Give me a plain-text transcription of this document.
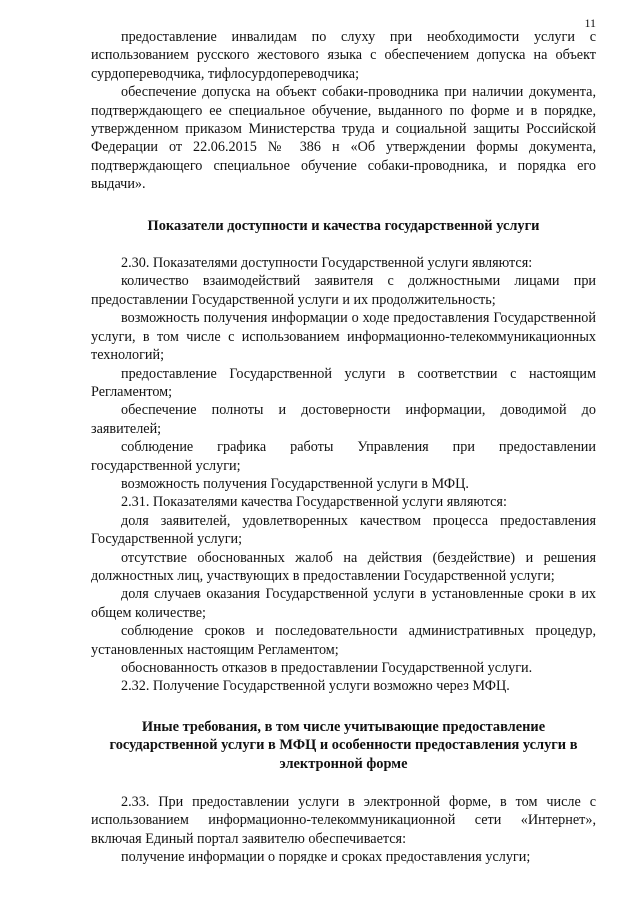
11

предоставление инвалидам по слуху при необходимости услуги с использованием русского жестового языка с обеспечением допуска на объект сурдопереводчика, тифлосурдопереводчика;

обеспечение допуска на объект собаки-проводника при наличии документа, подтверждающего ее специальное обучение, выданного по форме и в порядке, утвержденном приказом Министерства труда и социальной защиты Российской Федерации от 22.06.2015 № 386 н «Об утверждении формы документа, подтверждающего специальное обучение собаки-проводника, и порядка его выдачи».

Показатели доступности и качества государственной услуги

2.30. Показателями доступности Государственной услуги являются:

количество взаимодействий заявителя с должностными лицами при предоставлении Государственной услуги и их продолжительность;

возможность получения информации о ходе предоставления Государственной услуги, в том числе с использованием информационно-телекоммуникационных технологий;

предоставление Государственной услуги в соответствии с настоящим Регламентом;

обеспечение полноты и достоверности информации, доводимой до заявителей;

соблюдение графика работы Управления при предоставлении государственной услуги;

возможность получения Государственной услуги в МФЦ.

2.31. Показателями качества Государственной услуги являются:

доля заявителей, удовлетворенных качеством процесса предоставления Государственной услуги;

отсутствие обоснованных жалоб на действия (бездействие) и решения должностных лиц, участвующих в предоставлении Государственной услуги;

доля случаев оказания Государственной услуги в установленные сроки в их общем количестве;

соблюдение сроков и последовательности административных процедур, установленных настоящим Регламентом;

обоснованность отказов в предоставлении Государственной услуги.

2.32. Получение Государственной услуги возможно через МФЦ.

Иные требования, в том числе учитывающие предоставление государственной услуги в МФЦ и особенности предоставления услуги в электронной форме

2.33. При предоставлении услуги в электронной форме, в том числе с использованием информационно-телекоммуникационной сети «Интернет», включая Единый портал заявителю обеспечивается:

получение информации о порядке и сроках предоставления услуги;
